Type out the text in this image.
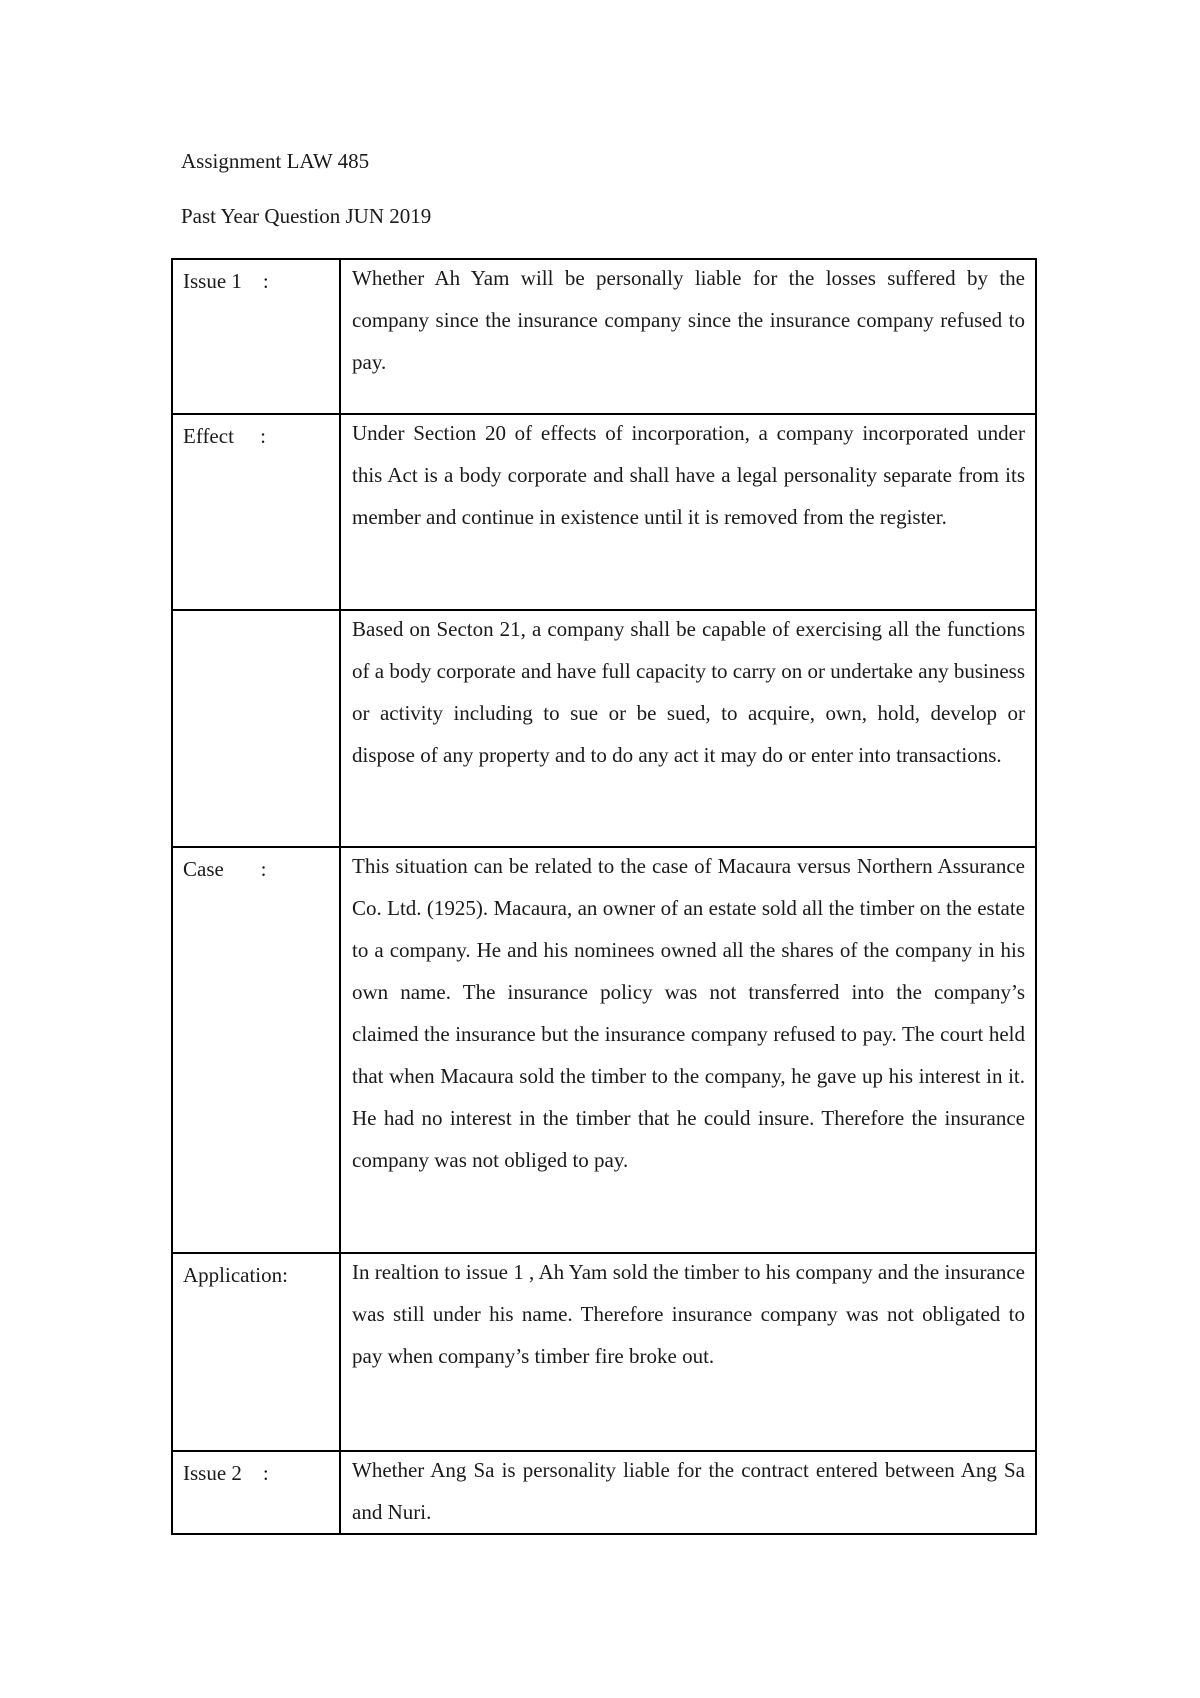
Assignment LAW 485
Past Year Question JUN 2019
Issue 1    :	Whether Ah Yam will be personally liable for the losses suffered by the company since the insurance company since the insurance company refused to pay.

Effect     :	Under Section 20 of effects of incorporation, a company incorporated under this Act is a body corporate and shall have a legal personality separate from its member and continue in existence until it is removed from the register.

	Based on Secton 21, a company shall be capable of exercising all the functions of a body corporate and have full capacity to carry on or undertake any business or activity including to sue or be sued, to acquire, own, hold, develop or dispose of any property and to do any act it may do or enter into transactions.

Case       :	This situation can be related to the case of Macaura versus Northern Assurance Co. Ltd. (1925). Macaura, an owner of an estate sold all the timber on the estate to a company. He and his nominees owned all the shares of the company in his own name. The insurance policy was not transferred into the company’s claimed the insurance but the insurance company refused to pay. The court held that when Macaura sold the timber to the company, he gave up his interest in it. He had no interest in the timber that he could insure. Therefore the insurance company was not obliged to pay.

Application:	In realtion to issue 1 , Ah Yam sold the timber to his company and the insurance was still under his name. Therefore insurance company was not obligated to pay when company’s timber fire broke out.

Issue 2    :	Whether Ang Sa is personality liable for the contract entered between Ang Sa and Nuri.
